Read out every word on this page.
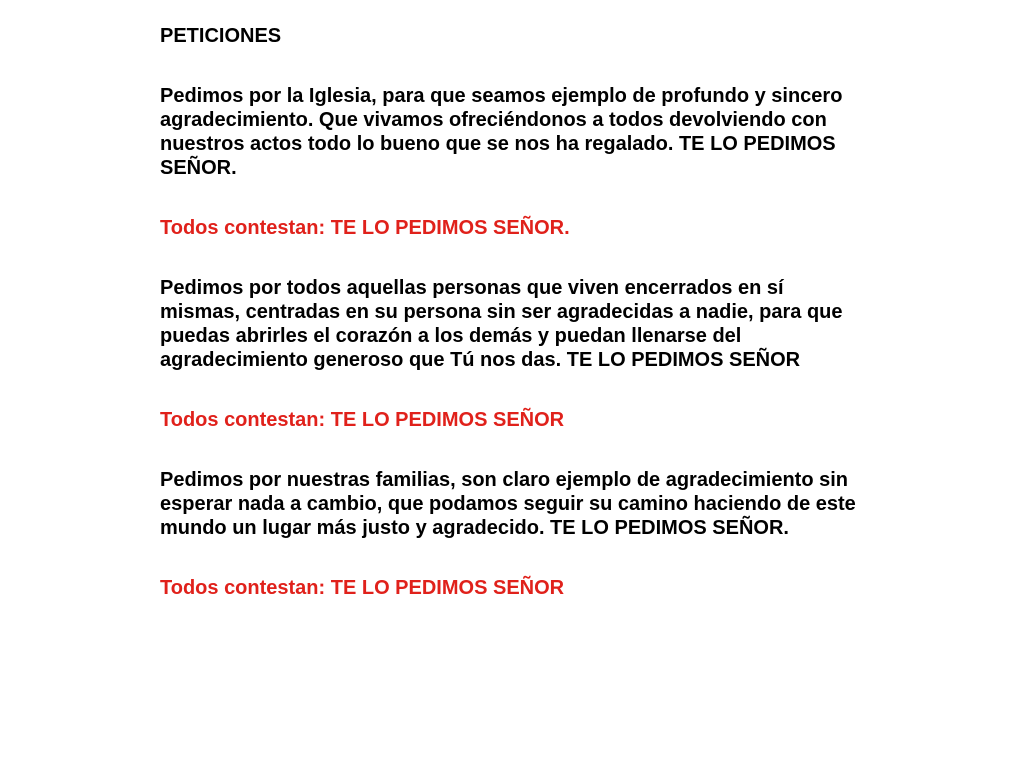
PETICIONES

Pedimos por la Iglesia, para que seamos ejemplo de profundo y sincero agradecimiento. Que vivamos ofreciéndonos a todos devolviendo con nuestros actos todo lo bueno que se nos ha regalado. TE LO PEDIMOS SEÑOR.

Todos contestan: TE LO PEDIMOS SEÑOR.

Pedimos por todos aquellas personas que viven encerrados en sí mismas, centradas en su persona sin ser agradecidas a nadie, para que puedas abrirles el corazón a los demás y puedan llenarse del agradecimiento generoso que Tú nos das. TE LO PEDIMOS SEÑOR

Todos contestan: TE LO PEDIMOS SEÑOR

Pedimos por nuestras familias, son claro ejemplo de agradecimiento sin esperar nada a cambio, que podamos seguir su camino haciendo de este mundo un lugar más justo y agradecido. TE LO PEDIMOS SEÑOR.

Todos contestan: TE LO PEDIMOS SEÑOR
